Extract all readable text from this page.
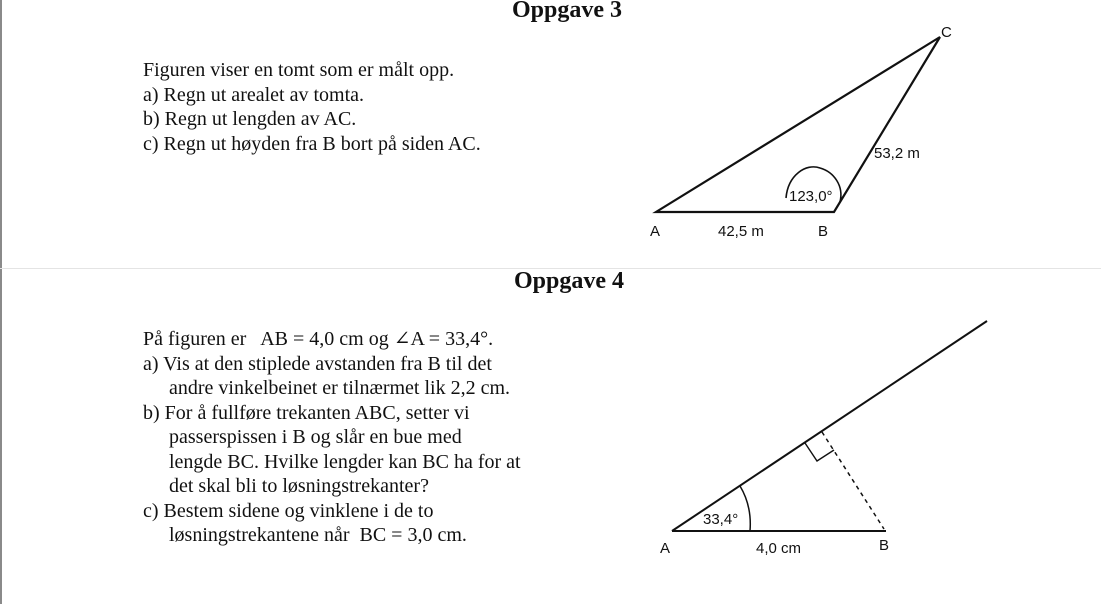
Oppgave 3
Figuren viser en tomt som er målt opp.
a) Regn ut arealet av tomta.
b) Regn ut lengden av AC.
c) Regn ut høyden fra B bort på siden AC.
A	B
C
42,5 m
53,2 m
123,0°
Oppgave 4
På figuren er AB = 4,0 cm og ∠A = 33,4°.
a) Vis at den stiplede avstanden fra B til det
andre vinkelbeinet er tilnærmet lik 2,2 cm.
b) For å fullføre trekanten ABC, setter vi
passerspissen i B og slår en bue med
lengde BC. Hvilke lengder kan BC ha for at
det skal bli to løsningstrekanter?
c) Bestem sidene og vinklene i de to
løsningstrekantene når BC = 3,0 cm.
A	B
4,0 cm
33,4°
